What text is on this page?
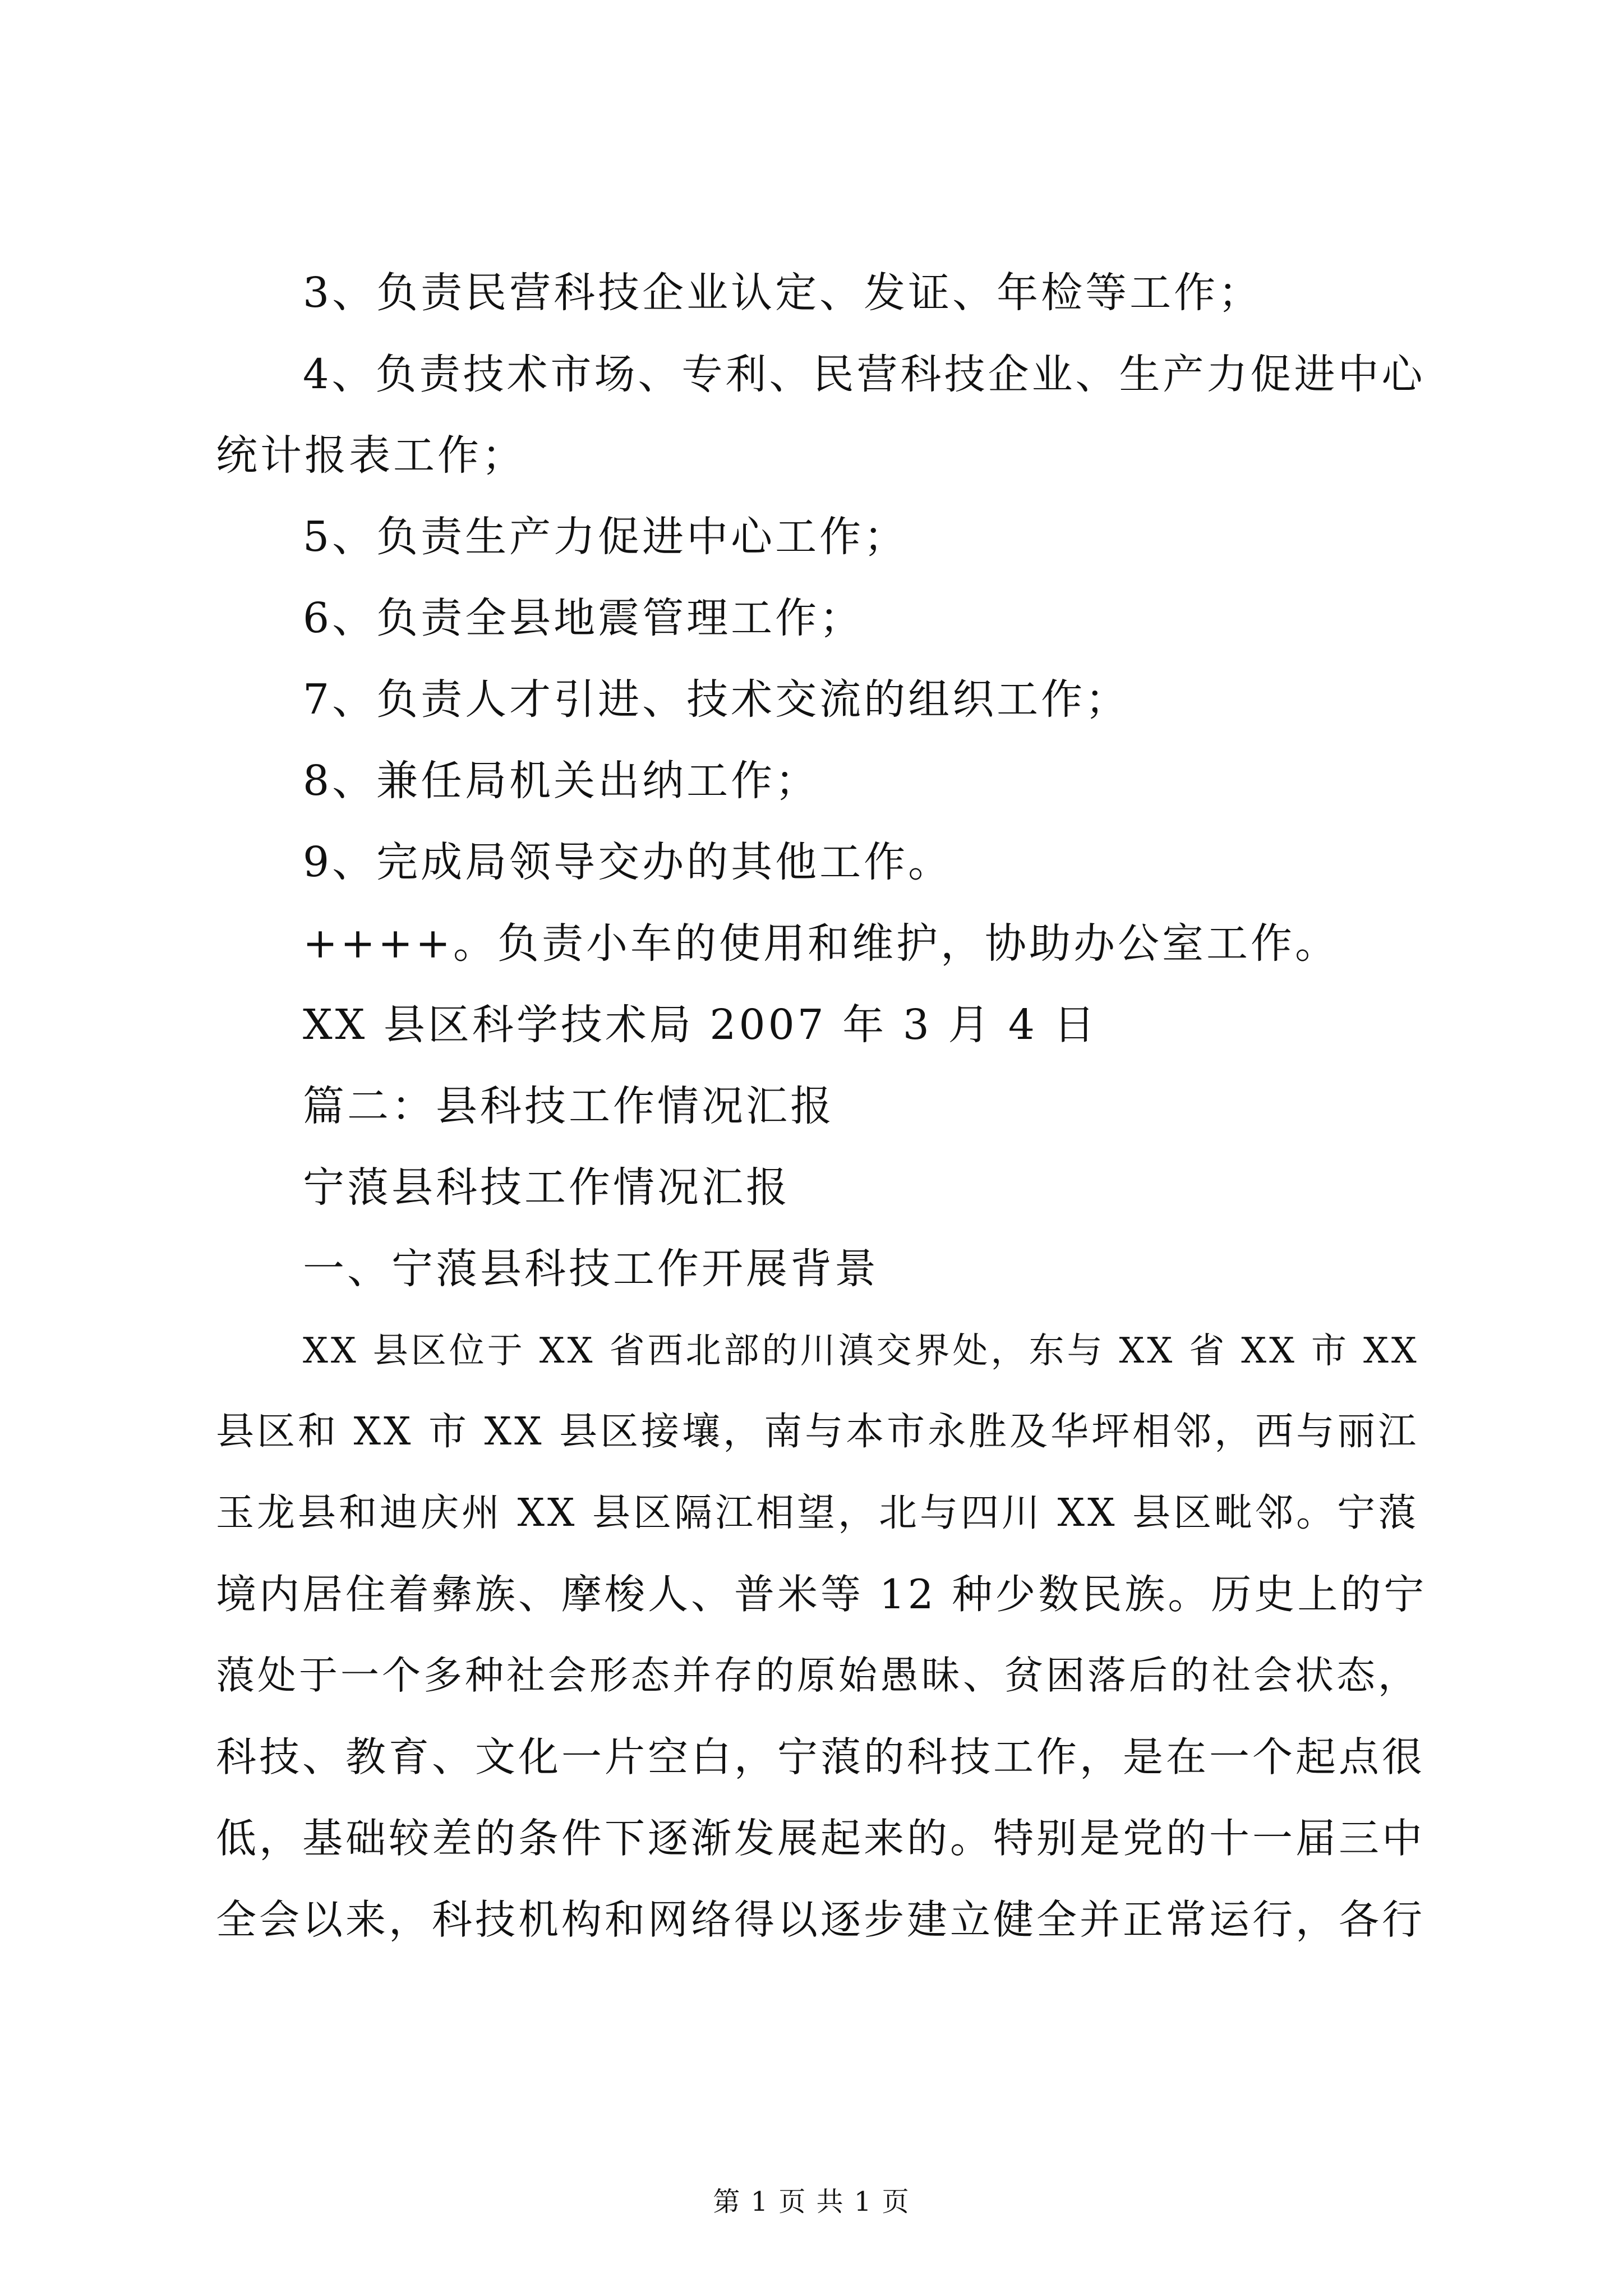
3、负责民营科技企业认定、发证、年检等工作；
4、负责技术市场、专利、民营科技企业、生产力促进中心
统计报表工作；
5、负责生产力促进中心工作；
6、负责全县地震管理工作；
7、负责人才引进、技术交流的组织工作；
8、兼任局机关出纳工作；
9、完成局领导交办的其他工作。
++++。负责小车的使用和维护，协助办公室工作。
XX 县区科学技术局 2007 年 3 月 4 日
篇二：县科技工作情况汇报
宁蒗县科技工作情况汇报
一、宁蒗县科技工作开展背景
XX 县区位于 XX 省西北部的川滇交界处，东与 XX 省 XX 市 XX
县区和 XX 市 XX 县区接壤，南与本市永胜及华坪相邻，西与丽江
玉龙县和迪庆州 XX 县区隔江相望，北与四川 XX 县区毗邻。宁蒗
境内居住着彝族、摩梭人、普米等 12 种少数民族。历史上的宁
蒗处于一个多种社会形态并存的原始愚昧、贫困落后的社会状态，
科技、教育、文化一片空白，宁蒗的科技工作，是在一个起点很
低，基础较差的条件下逐渐发展起来的。特别是党的十一届三中
全会以来，科技机构和网络得以逐步建立健全并正常运行，各行
第 1 页 共 1 页
